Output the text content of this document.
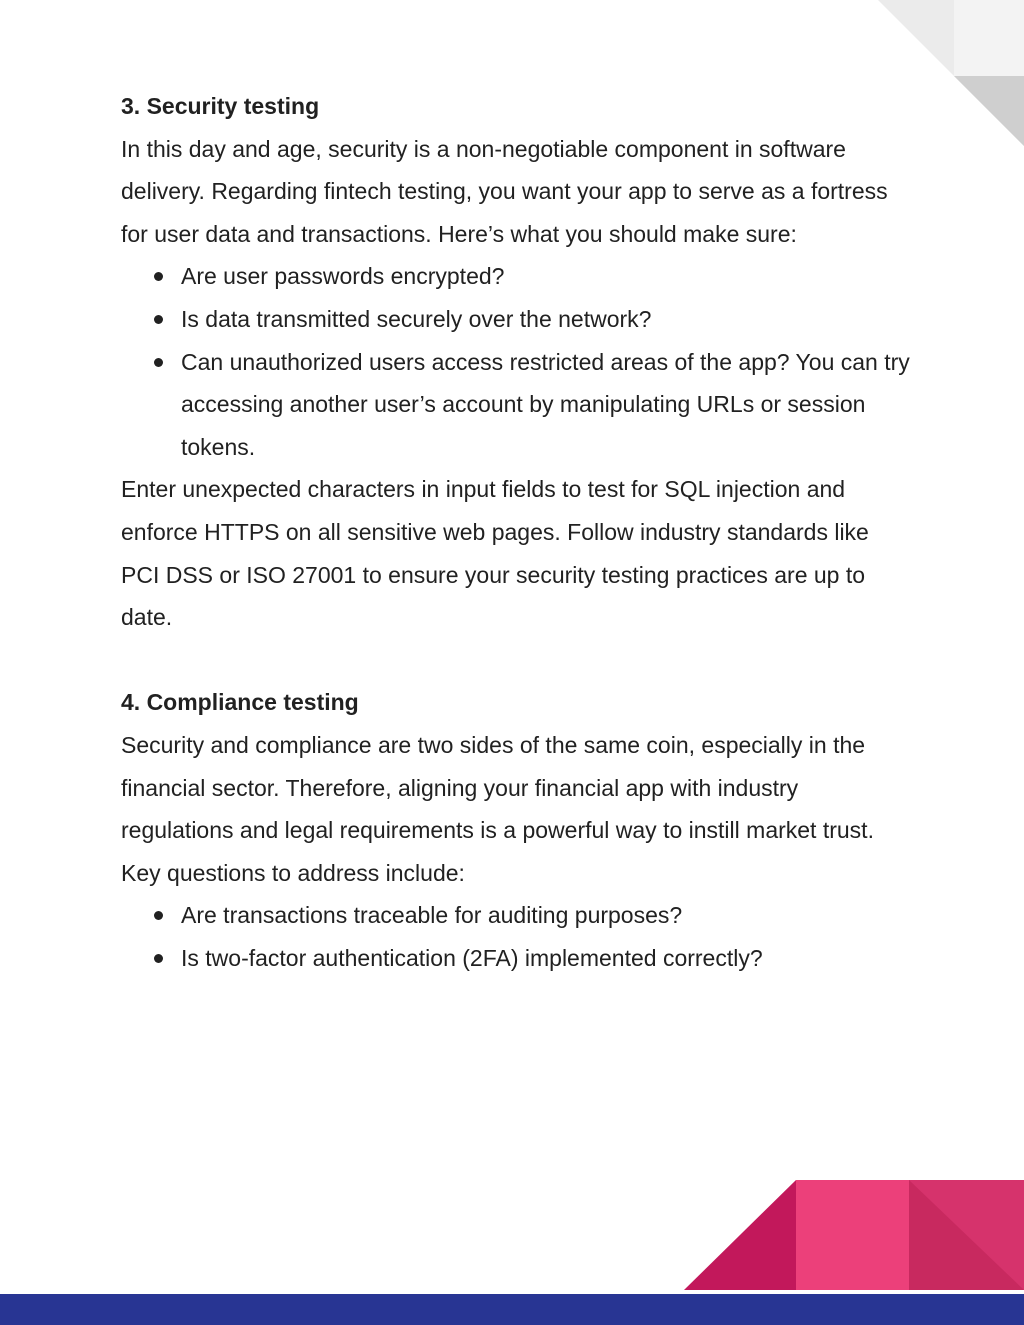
3. Security testing

In this day and age, security is a non-negotiable component in software delivery. Regarding fintech testing, you want your app to serve as a fortress for user data and transactions. Here’s what you should make sure:

Are user passwords encrypted?
Is data transmitted securely over the network?
Can unauthorized users access restricted areas of the app? You can try accessing another user’s account by manipulating URLs or session tokens.

Enter unexpected characters in input fields to test for SQL injection and enforce HTTPS on all sensitive web pages. Follow industry standards like PCI DSS or ISO 27001 to ensure your security testing practices are up to date.

4. Compliance testing

Security and compliance are two sides of the same coin, especially in the financial sector. Therefore, aligning your financial app with industry regulations and legal requirements is a powerful way to instill market trust.

Key questions to address include:

Are transactions traceable for auditing purposes?
Is two-factor authentication (2FA) implemented correctly?
